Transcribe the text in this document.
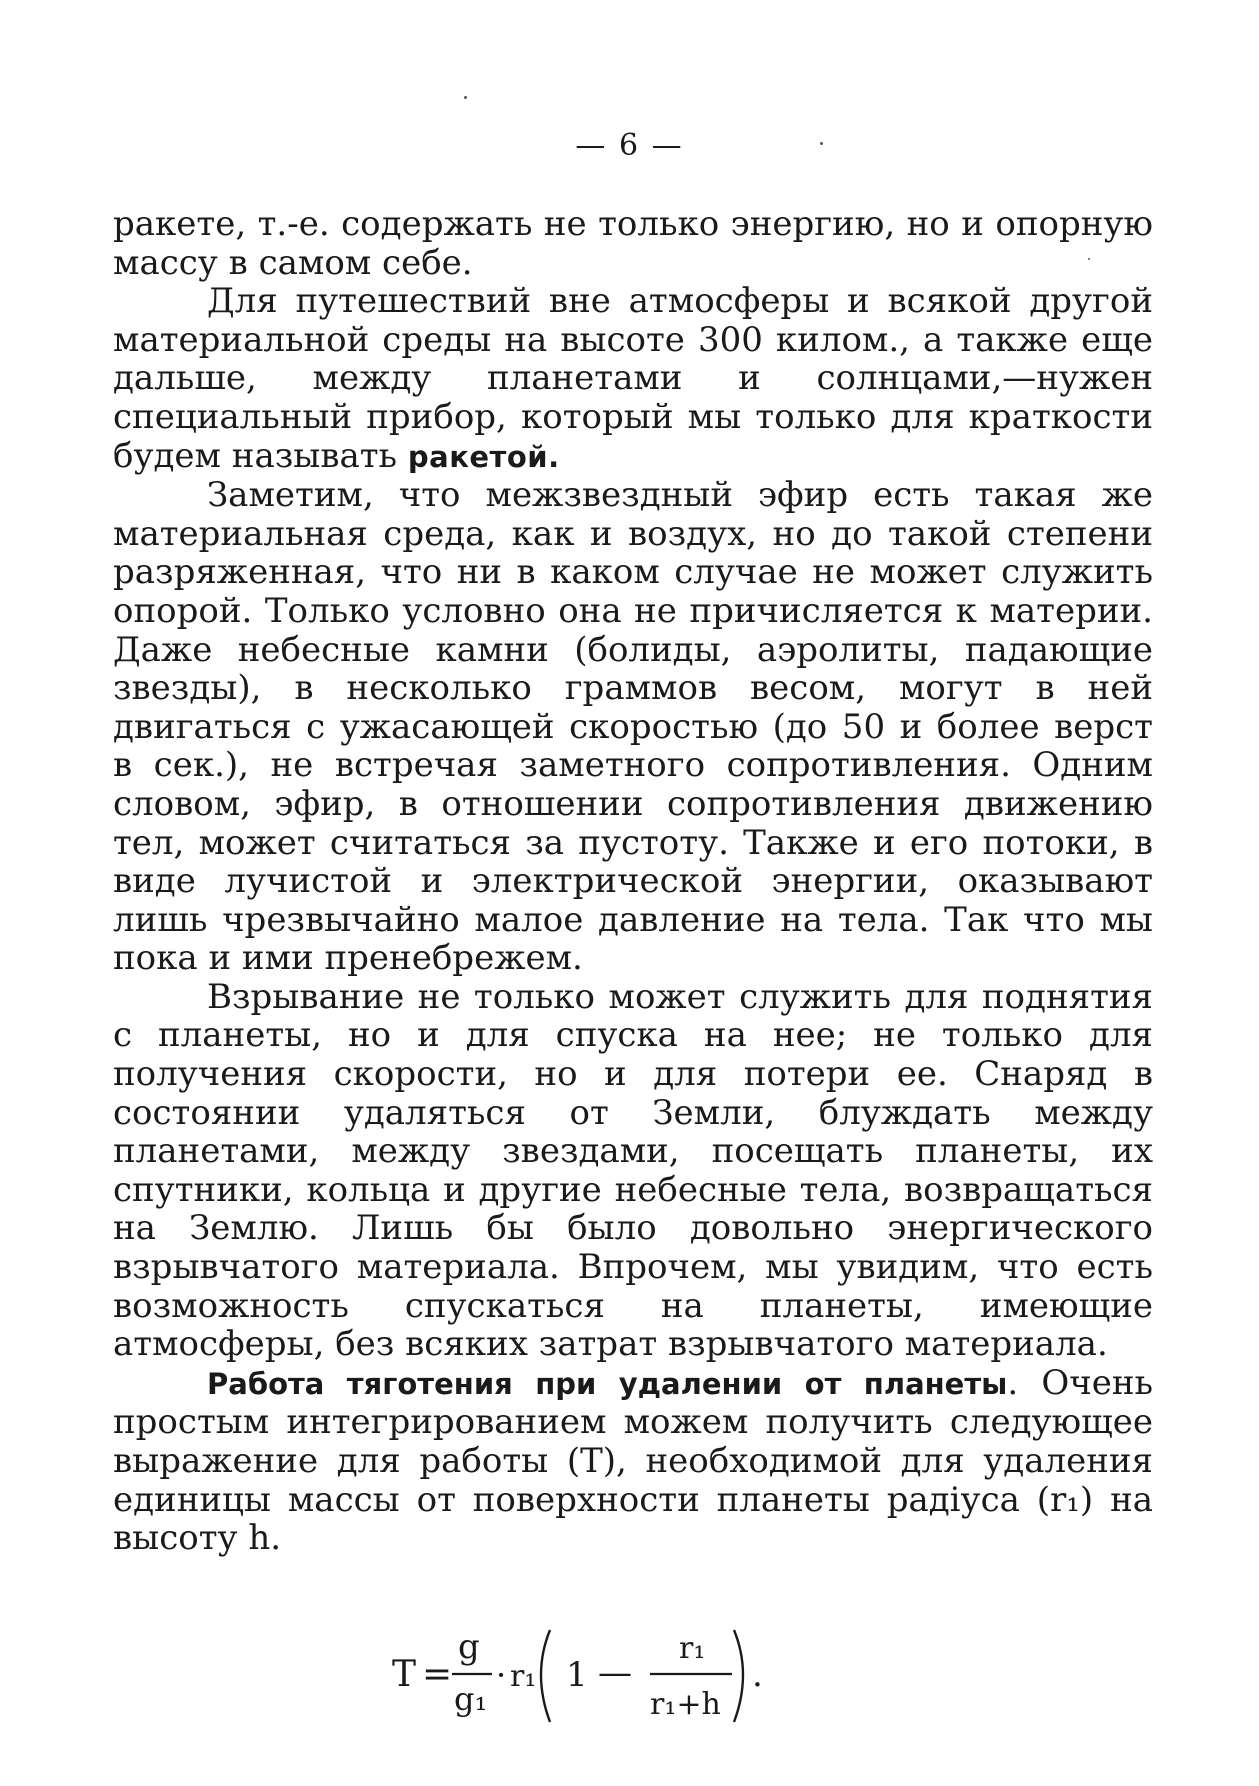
— 6 —

ракете, т.-е. содержать не только энергию, но и опорную массу в самом себе.

Для путешествий вне атмосферы и всякой другой материальной среды на высоте 300 килом., а также еще дальше, между планетами и солнцами,—нужен специальный прибор, который мы только для краткости будем называть ракетой.

Заметим, что межзвездный эфир есть такая же материальная среда, как и воздух, но до такой степени разряженная, что ни в каком случае не может служить опорой. Только условно она не причисляется к материи. Даже небесные камни (болиды, аэролиты, падающие звезды), в несколько граммов весом, могут в ней двигаться с ужасающей скоростью (до 50 и более верст в сек.), не встречая заметного сопротивления. Одним словом, эфир, в отношении сопротивления движению тел, может считаться за пустоту. Также и его потоки, в виде лучистой и электрической энергии, оказывают лишь чрезвычайно малое давление на тела. Так что мы пока и ими пренебрежем.

Взрывание не только может служить для поднятия с планеты, но и для спуска на нее; не только для получения скорости, но и для потери ее. Снаряд в состоянии удаляться от Земли, блуждать между планетами, между звездами, посещать планеты, их спутники, кольца и другие небесные тела, возвращаться на Землю. Лишь бы было довольно энергического взрывчатого материала. Впрочем, мы увидим, что есть возможность спускаться на планеты, имеющие атмосферы, без всяких затрат взрывчатого материала.

Работа тяготения при удалении от планеты. Очень простым интегрированием можем получить следующее выражение для работы (T), необходимой для удаления единицы массы от поверхности планеты радiуса (r₁) на высоту h.

T =
g
g₁
· r₁ 1 —
r₁
r₁+h
.
